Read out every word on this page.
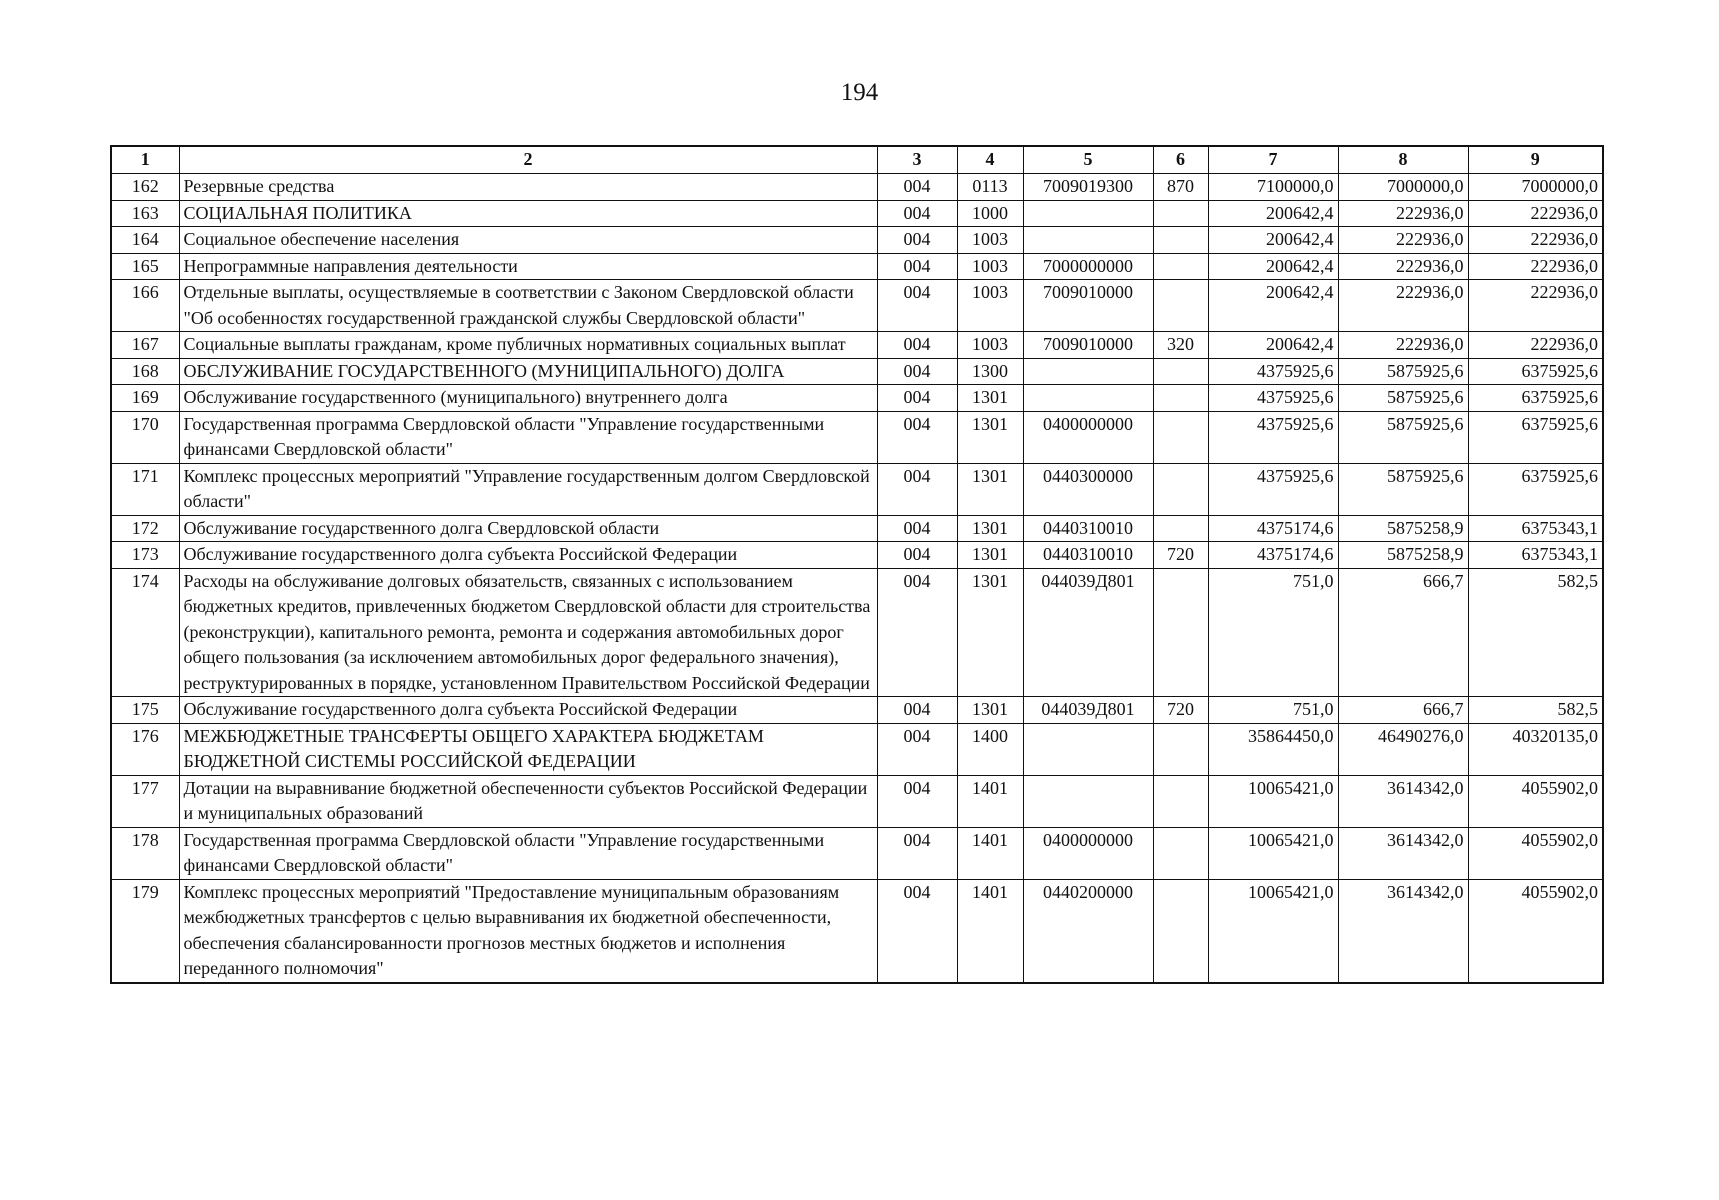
194
1	2	3	4	5	6	7	8	9
162	Резервные средства	004	0113	7009019300	870	7100000,0	7000000,0	7000000,0
163	СОЦИАЛЬНАЯ ПОЛИТИКА	004	1000			200642,4	222936,0	222936,0
164	Социальное обеспечение населения	004	1003			200642,4	222936,0	222936,0
165	Непрограммные направления деятельности	004	1003	7000000000		200642,4	222936,0	222936,0
166	Отдельные выплаты, осуществляемые в соответствии с Законом Свердловской области "Об особенностях государственной гражданской службы Свердловской области"	004	1003	7009010000		200642,4	222936,0	222936,0
167	Социальные выплаты гражданам, кроме публичных нормативных социальных выплат	004	1003	7009010000	320	200642,4	222936,0	222936,0
168	ОБСЛУЖИВАНИЕ ГОСУДАРСТВЕННОГО (МУНИЦИПАЛЬНОГО) ДОЛГА	004	1300			4375925,6	5875925,6	6375925,6
169	Обслуживание государственного (муниципального) внутреннего долга	004	1301			4375925,6	5875925,6	6375925,6
170	Государственная программа Свердловской области "Управление государственными финансами Свердловской области"	004	1301	0400000000		4375925,6	5875925,6	6375925,6
171	Комплекс процессных мероприятий "Управление государственным долгом Свердловской области"	004	1301	0440300000		4375925,6	5875925,6	6375925,6
172	Обслуживание государственного долга Свердловской области	004	1301	0440310010		4375174,6	5875258,9	6375343,1
173	Обслуживание государственного долга субъекта Российской Федерации	004	1301	0440310010	720	4375174,6	5875258,9	6375343,1
174	Расходы на обслуживание долговых обязательств, связанных с использованием бюджетных кредитов, привлеченных бюджетом Свердловской области для строительства (реконструкции), капитального ремонта, ремонта и содержания автомобильных дорог общего пользования (за исключением автомобильных дорог федерального значения), реструктурированных в порядке, установленном Правительством Российской Федерации	004	1301	044039Д801		751,0	666,7	582,5
175	Обслуживание государственного долга субъекта Российской Федерации	004	1301	044039Д801	720	751,0	666,7	582,5
176	МЕЖБЮДЖЕТНЫЕ ТРАНСФЕРТЫ ОБЩЕГО ХАРАКТЕРА БЮДЖЕТАМ БЮДЖЕТНОЙ СИСТЕМЫ РОССИЙСКОЙ ФЕДЕРАЦИИ	004	1400			35864450,0	46490276,0	40320135,0
177	Дотации на выравнивание бюджетной обеспеченности субъектов Российской Федерации и муниципальных образований	004	1401			10065421,0	3614342,0	4055902,0
178	Государственная программа Свердловской области "Управление государственными финансами Свердловской области"	004	1401	0400000000		10065421,0	3614342,0	4055902,0
179	Комплекс процессных мероприятий "Предоставление муниципальным образованиям межбюджетных трансфертов с целью выравнивания их бюджетной обеспеченности, обеспечения сбалансированности прогнозов местных бюджетов и исполнения переданного полномочия"	004	1401	0440200000		10065421,0	3614342,0	4055902,0
